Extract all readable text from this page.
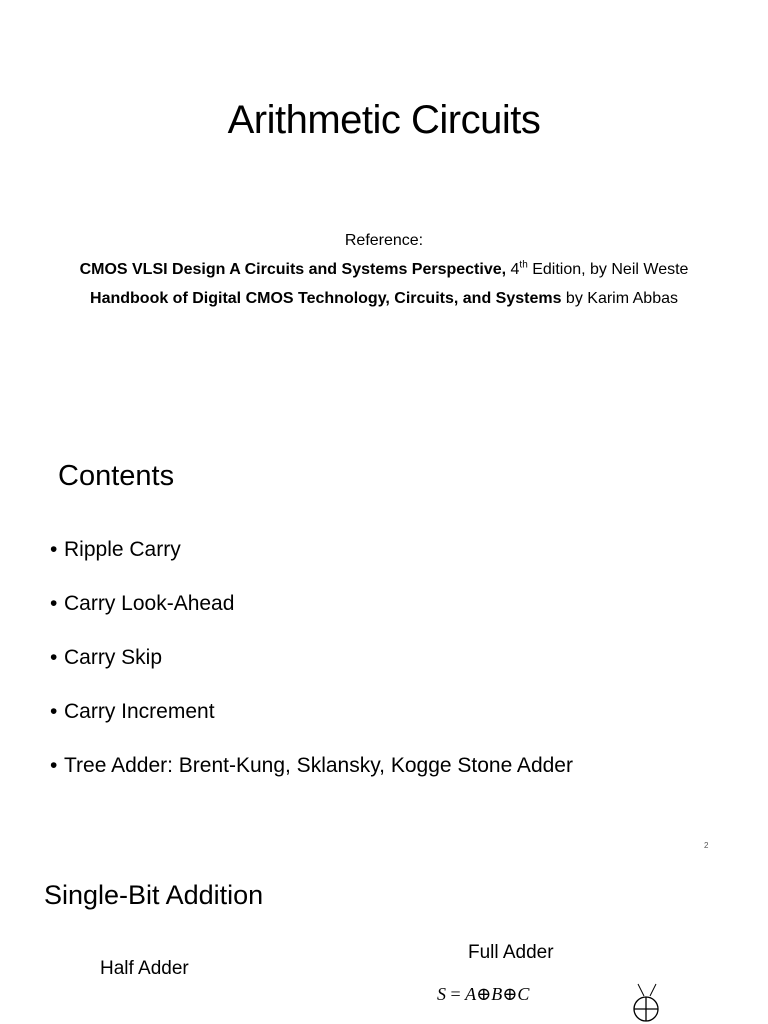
Arithmetic Circuits
Reference:
CMOS VLSI Design A Circuits and Systems Perspective, 4th Edition, by Neil Weste
Handbook of Digital CMOS Technology, Circuits, and Systems by Karim Abbas
Contents
• Ripple Carry
• Carry Look-Ahead
• Carry Skip
• Carry Increment
• Tree Adder: Brent-Kung, Sklansky, Kogge Stone Adder
2
Single-Bit Addition
Full Adder
Half Adder
S = A⊕B⊕C
